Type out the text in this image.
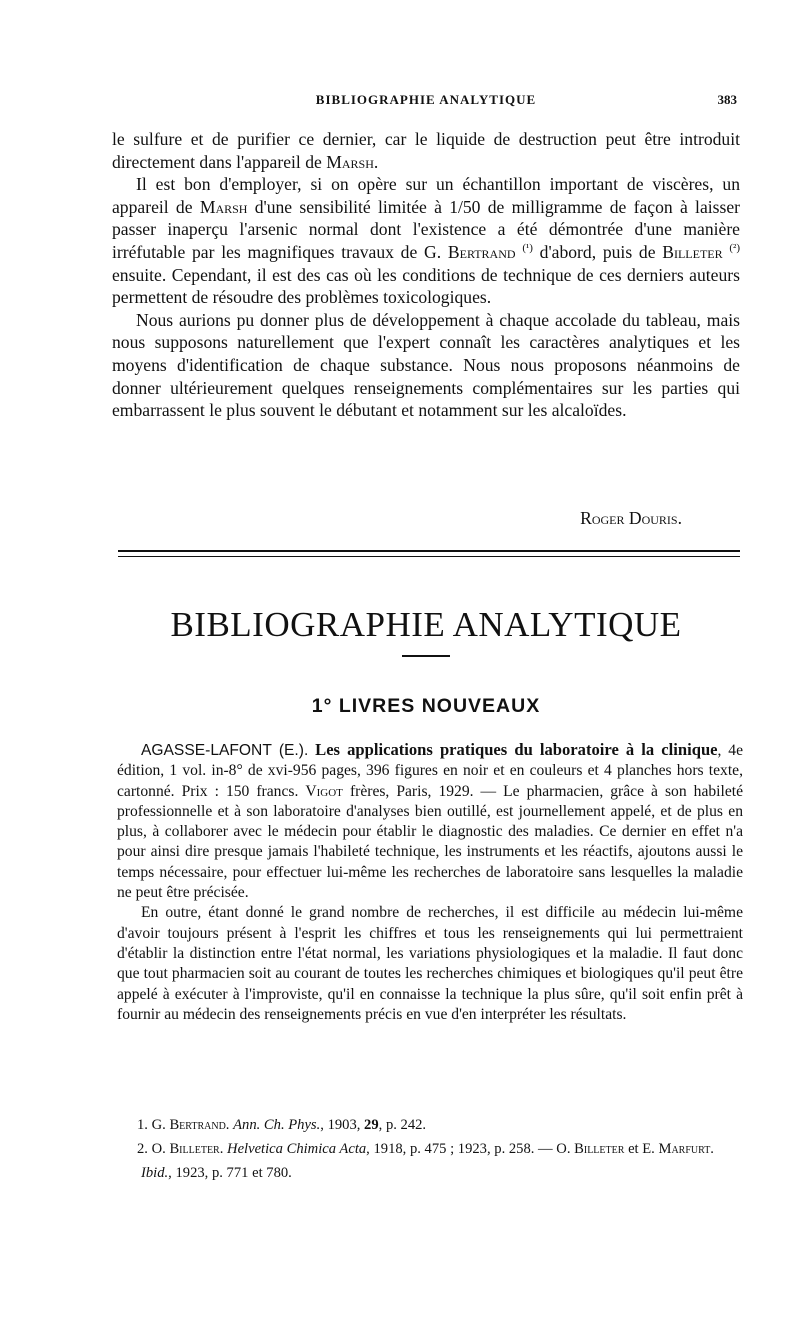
BIBLIOGRAPHIE ANALYTIQUE	383

le sulfure et de purifier ce dernier, car le liquide de destruction peut être introduit directement dans l'appareil de Marsh.

Il est bon d'employer, si on opère sur un échantillon important de viscères, un appareil de Marsh d'une sensibilité limitée à 1/50 de milligramme de façon à laisser passer inaperçu l'arsenic normal dont l'existence a été démontrée d'une manière irréfutable par les magnifiques travaux de G. Bertrand $^{(^1)}$ d'abord, puis de Billeter $^{(^2)}$ ensuite. Cependant, il est des cas où les conditions de technique de ces derniers auteurs permettent de résoudre des problèmes toxicologiques.

Nous aurions pu donner plus de développement à chaque accolade du tableau, mais nous supposons naturellement que l'expert connaît les caractères analytiques et les moyens d'identification de chaque substance. Nous nous proposons néanmoins de donner ultérieurement quelques renseignements complémentaires sur les parties qui embarrassent le plus souvent le débutant et notamment sur les alcaloïdes.

Roger Douris.
BIBLIOGRAPHIE ANALYTIQUE
1° LIVRES NOUVEAUX

AGASSE-LAFONT (E.). Les applications pratiques du laboratoire à la clinique, 4e édition, 1 vol. in-8° de xvi-956 pages, 396 figures en noir et en couleurs et 4 planches hors texte, cartonné. Prix : 150 francs. Vigot frères, Paris, 1929. — Le pharmacien, grâce à son habileté professionnelle et à son laboratoire d'analyses bien outillé, est journellement appelé, et de plus en plus, à collaborer avec le médecin pour établir le diagnostic des maladies. Ce dernier en effet n'a pour ainsi dire presque jamais l'habileté technique, les instruments et les réactifs, ajoutons aussi le temps nécessaire, pour effectuer lui-même les recherches de laboratoire sans lesquelles la maladie ne peut être précisée.

En outre, étant donné le grand nombre de recherches, il est difficile au médecin lui-même d'avoir toujours présent à l'esprit les chiffres et tous les renseignements qui lui permettraient d'établir la distinction entre l'état normal, les variations physiologiques et la maladie. Il faut donc que tout pharmacien soit au courant de toutes les recherches chimiques et biologiques qu'il peut être appelé à exécuter à l'improviste, qu'il en connaisse la technique la plus sûre, qu'il soit enfin prêt à fournir au médecin des renseignements précis en vue d'en interpréter les résultats.

1. G. Bertrand. Ann. Ch. Phys., 1903, 29, p. 242.

2. O. Billeter. Helvetica Chimica Acta, 1918, p. 475 ; 1923, p. 258. — O. Billeter et E. Marfurt. Ibid., 1923, p. 771 et 780.
